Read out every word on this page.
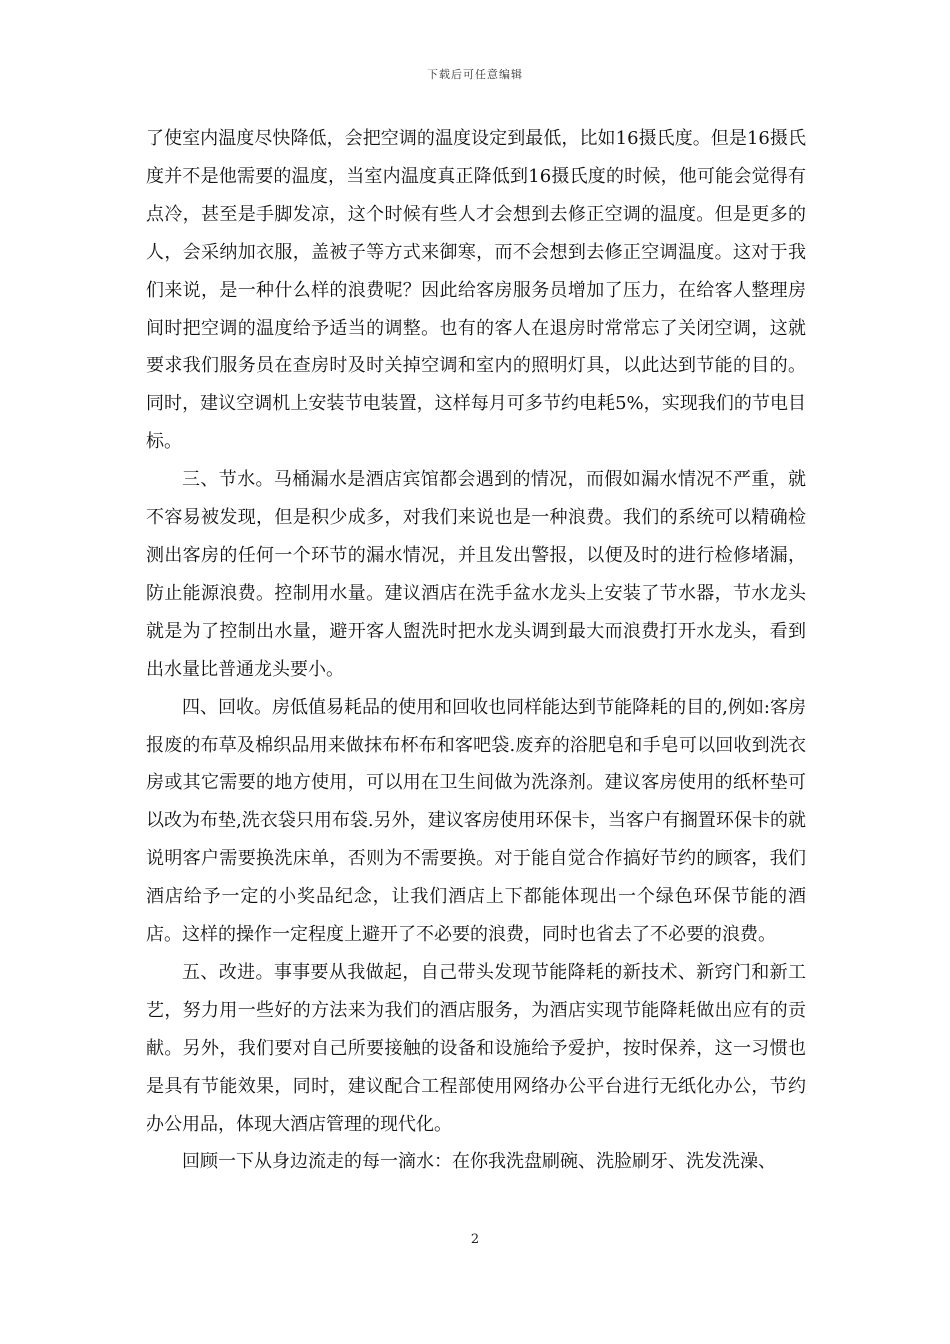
下载后可任意编辑

了使室内温度尽快降低，会把空调的温度设定到最低，比如16摄氏度。但是16摄氏度并不是他需要的温度，当室内温度真正降低到16摄氏度的时候，他可能会觉得有点冷，甚至是手脚发凉，这个时候有些人才会想到去修正空调的温度。但是更多的人，会采纳加衣服，盖被子等方式来御寒，而不会想到去修正空调温度。这对于我们来说，是一种什么样的浪费呢？因此给客房服务员增加了压力，在给客人整理房间时把空调的温度给予适当的调整。也有的客人在退房时常常忘了关闭空调，这就要求我们服务员在查房时及时关掉空调和室内的照明灯具，以此达到节能的目的。同时，建议空调机上安装节电装置，这样每月可多节约电耗5%，实现我们的节电目标。

三、节水。马桶漏水是酒店宾馆都会遇到的情况，而假如漏水情况不严重，就不容易被发现，但是积少成多，对我们来说也是一种浪费。我们的系统可以精确检测出客房的任何一个环节的漏水情况，并且发出警报，以便及时的进行检修堵漏，防止能源浪费。控制用水量。建议酒店在洗手盆水龙头上安装了节水器，节水龙头就是为了控制出水量，避开客人盥洗时把水龙头调到最大而浪费打开水龙头，看到出水量比普通龙头要小。

四、回收。房低值易耗品的使用和回收也同样能达到节能降耗的目的,例如:客房报废的布草及棉织品用来做抹布杯布和客吧袋.废弃的浴肥皂和手皂可以回收到洗衣房或其它需要的地方使用，可以用在卫生间做为洗涤剂。建议客房使用的纸杯垫可以改为布垫,洗衣袋只用布袋.另外，建议客房使用环保卡，当客户有搁置环保卡的就说明客户需要换洗床单，否则为不需要换。对于能自觉合作搞好节约的顾客，我们酒店给予一定的小奖品纪念，让我们酒店上下都能体现出一个绿色环保节能的酒店。这样的操作一定程度上避开了不必要的浪费，同时也省去了不必要的浪费。

五、改进。事事要从我做起，自己带头发现节能降耗的新技术、新窍门和新工艺，努力用一些好的方法来为我们的酒店服务，为酒店实现节能降耗做出应有的贡献。另外，我们要对自己所要接触的设备和设施给予爱护，按时保养，这一习惯也是具有节能效果，同时，建议配合工程部使用网络办公平台进行无纸化办公，节约办公用品，体现大酒店管理的现代化。

回顾一下从身边流走的每一滴水：在你我洗盘刷碗、洗脸刷牙、洗发洗澡、

2
